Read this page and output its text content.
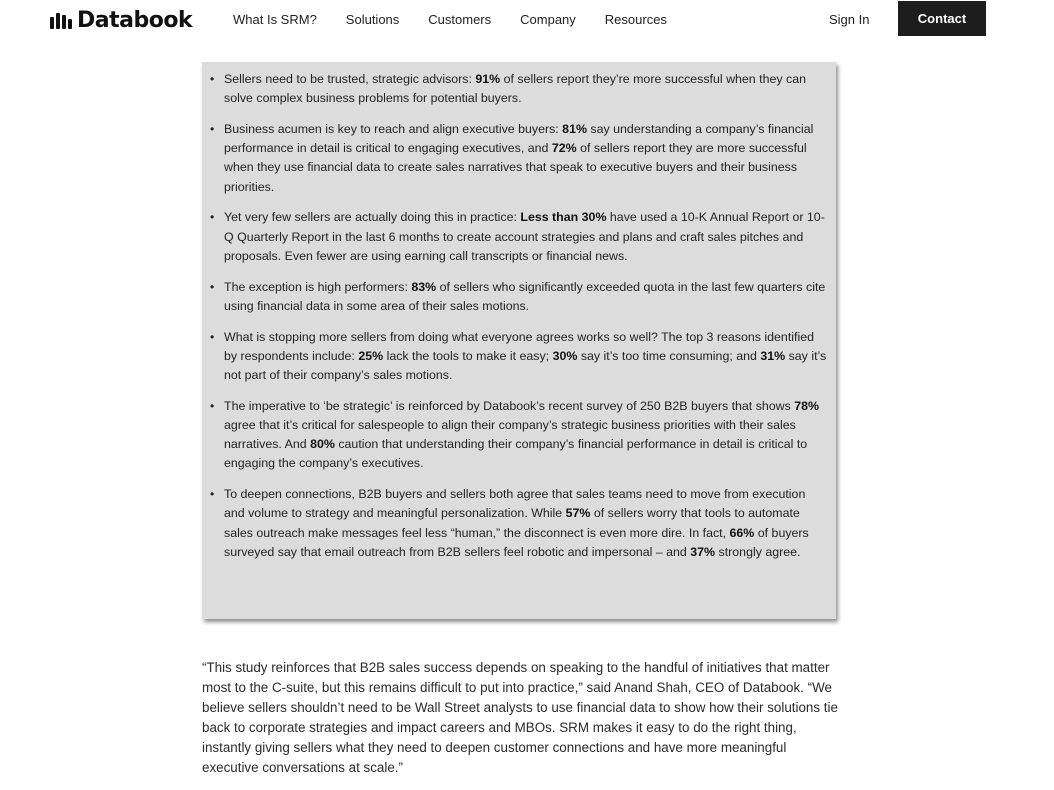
Databook	What Is SRM? Solutions Customers Company Resources	Sign In	Contact
• Sellers need to be trusted, strategic advisors: 91% of sellers report they’re more successful when they can solve complex business problems for potential buyers.
• Business acumen is key to reach and align executive buyers: 81% say understanding a company’s financial performance in detail is critical to engaging executives, and 72% of sellers report they are more successful when they use financial data to create sales narratives that speak to executive buyers and their business priorities.
• Yet very few sellers are actually doing this in practice: Less than 30% have used a 10-K Annual Report or 10-Q Quarterly Report in the last 6 months to create account strategies and plans and craft sales pitches and proposals. Even fewer are using earning call transcripts or financial news.
• The exception is high performers: 83% of sellers who significantly exceeded quota in the last few quarters cite using financial data in some area of their sales motions.
• What is stopping more sellers from doing what everyone agrees works so well? The top 3 reasons identified by respondents include: 25% lack the tools to make it easy; 30% say it’s too time consuming; and 31% say it’s not part of their company’s sales motions.
• The imperative to ‘be strategic’ is reinforced by Databook’s recent survey of 250 B2B buyers that shows 78% agree that it’s critical for salespeople to align their company’s strategic business priorities with their sales narratives. And 80% caution that understanding their company’s financial performance in detail is critical to engaging the company’s executives.
• To deepen connections, B2B buyers and sellers both agree that sales teams need to move from execution and volume to strategy and meaningful personalization. While 57% of sellers worry that tools to automate sales outreach make messages feel less “human,” the disconnect is even more dire. In fact, 66% of buyers surveyed say that email outreach from B2B sellers feel robotic and impersonal – and 37% strongly agree.

“This study reinforces that B2B sales success depends on speaking to the handful of initiatives that matter most to the C-suite, but this remains difficult to put into practice,” said Anand Shah, CEO of Databook. “We believe sellers shouldn’t need to be Wall Street analysts to use financial data to show how their solutions tie back to corporate strategies and impact careers and MBOs. SRM makes it easy to do the right thing, instantly giving sellers what they need to deepen customer connections and have more meaningful executive conversations at scale.”
